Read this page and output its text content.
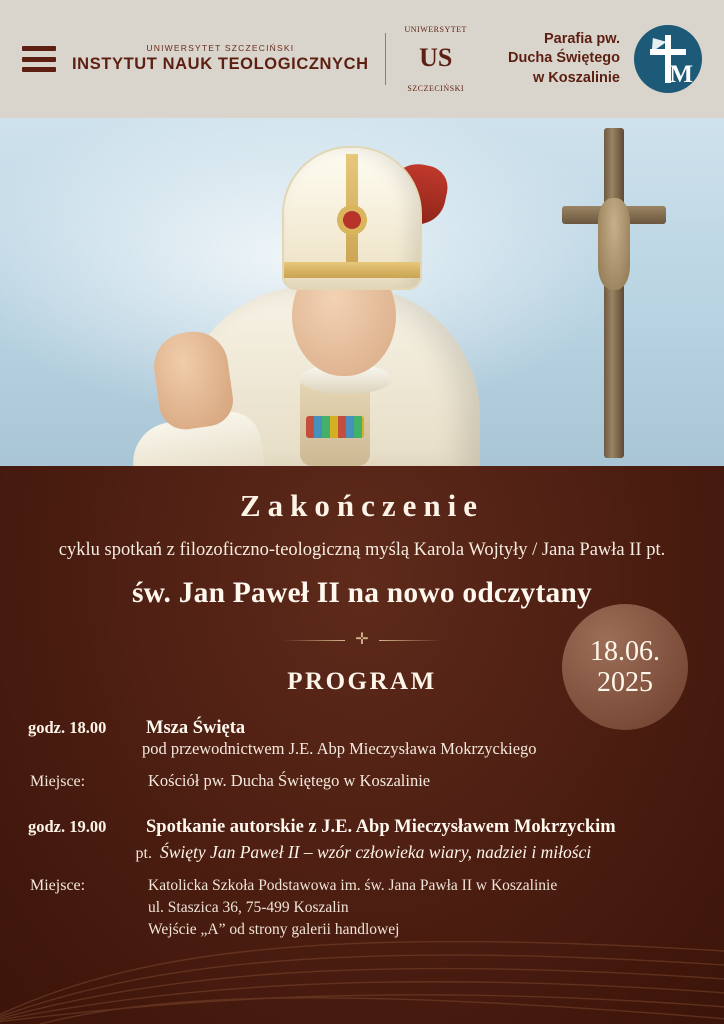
UNIWERSYTET SZCZECIŃSKI
INSTYTUT NAUK TEOLOGICZNYCH
UNIWERSYTET
US
SZCZECIŃSKI
Parafia pw.
Ducha Świętego
w Koszalinie M
Zakończenie
cyklu spotkań z filozoficzno-teologiczną myślą Karola Wojtyły / Jana Pawła II pt.
św. Jan Paweł II na nowo odczytany
✛
PROGRAM
18.06.
2025
godz. 18.00	Msza Święta
pod przewodnictwem J.E. Abp Mieczysława Mokrzyckiego
Miejsce:	Kościół pw. Ducha Świętego w Koszalinie
godz. 19.00	Spotkanie autorskie z J.E. Abp Mieczysławem Mokrzyckim
pt. Święty Jan Paweł II – wzór człowieka wiary, nadziei i miłości
Miejsce:	Katolicka Szkoła Podstawowa im. św. Jana Pawła II w Koszalinie
ul. Staszica 36, 75-499 Koszalin
Wejście „A” od strony galerii handlowej
